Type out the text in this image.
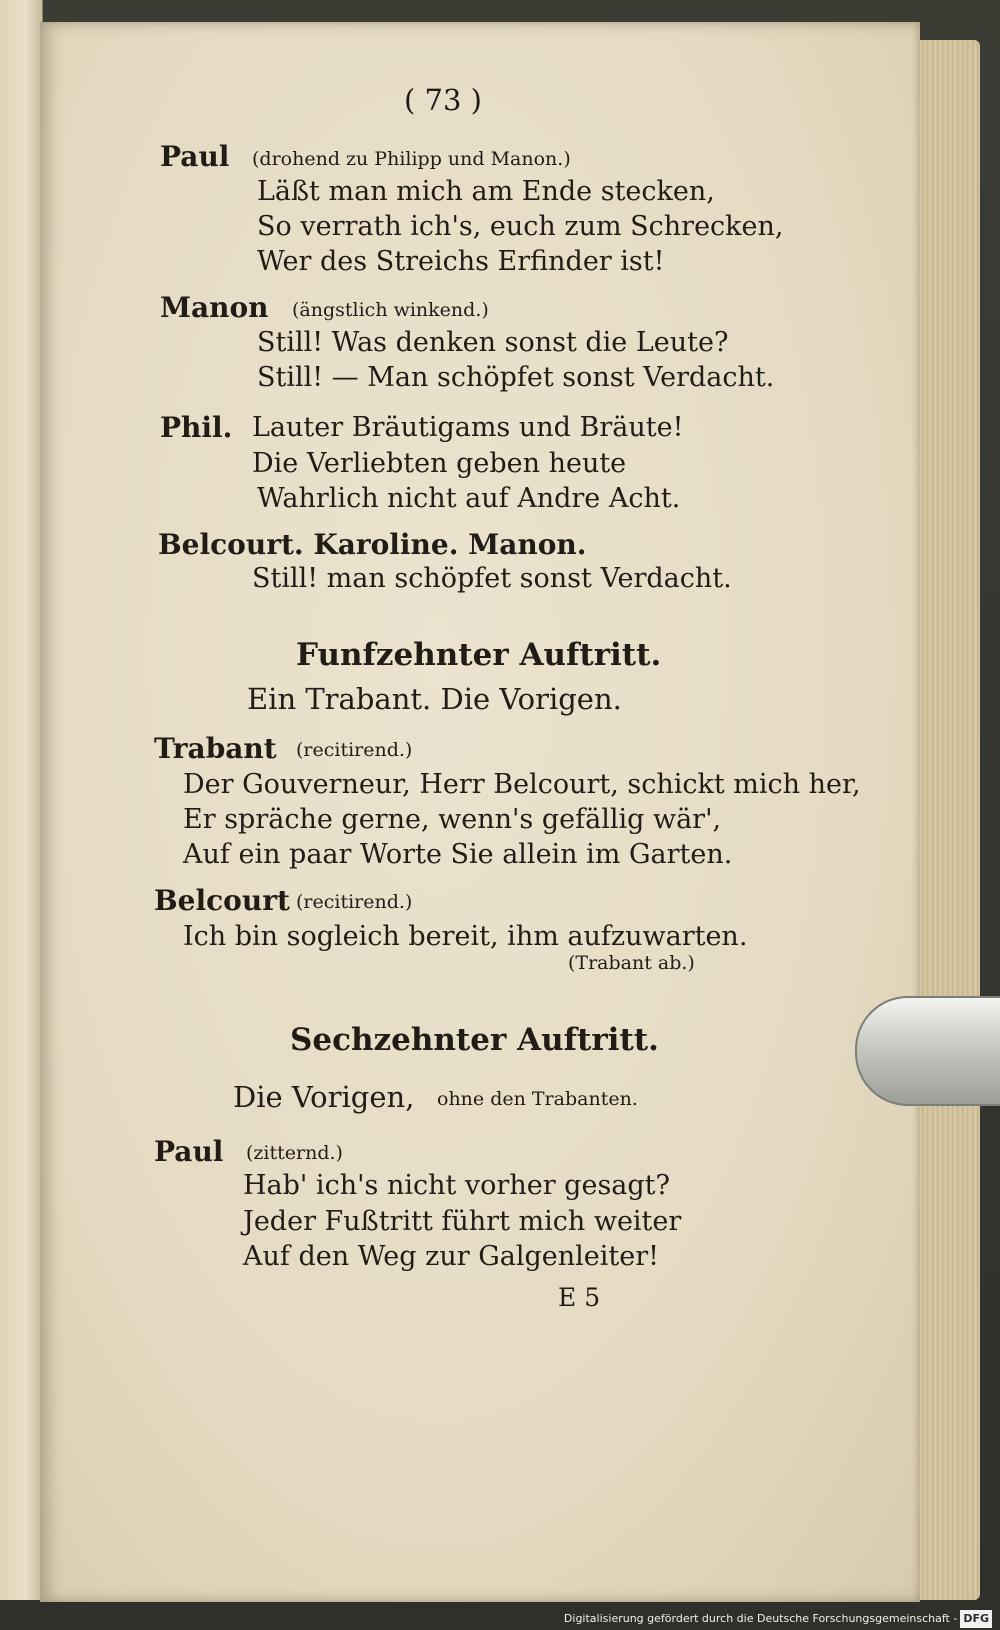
( 73 )
Paul (drohend zu Philipp und Manon.)
Läßt man mich am Ende stecken,
So verrath ich's, euch zum Schrecken,
Wer des Streichs Erfinder ist!
Manon (ängstlich winkend.)
Still! Was denken sonst die Leute?
Still! — Man schöpfet sonst Verdacht.
Phil. Lauter Bräutigams und Bräute!
Die Verliebten geben heute
Wahrlich nicht auf Andre Acht.
Belcourt. Karoline. Manon.
Still! man schöpfet sonst Verdacht.
Funfzehnter Auftritt.
Ein Trabant. Die Vorigen.
Trabant (recitirend.)
Der Gouverneur, Herr Belcourt, schickt mich her,
Er spräche gerne, wenn's gefällig wär',
Auf ein paar Worte Sie allein im Garten.
Belcourt (recitirend.)
Ich bin sogleich bereit, ihm aufzuwarten.
(Trabant ab.)
Sechzehnter Auftritt.
Die Vorigen, ohne den Trabanten.
Paul (zitternd.)
Hab' ich's nicht vorher gesagt?
Jeder Fußtritt führt mich weiter
Auf den Weg zur Galgenleiter!
E 5
Digitalisierung gefördert durch die Deutsche Forschungsgemeinschaft - DFG
